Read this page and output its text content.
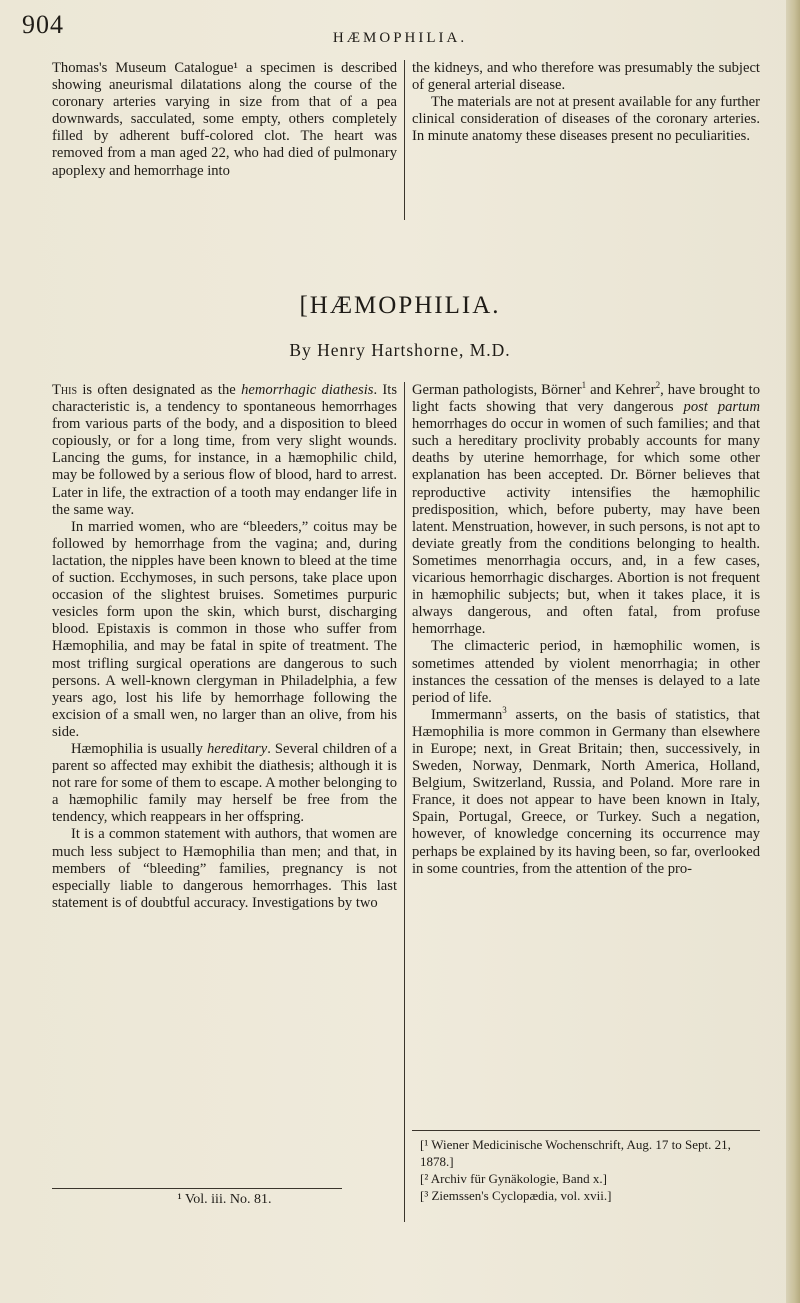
904	HÆMOPHILIA.

Thomas's Museum Catalogue¹ a specimen is described showing aneurismal dilatations along the course of the coronary arteries varying in size from that of a pea downwards, sacculated, some empty, others completely filled by adherent buff-colored clot. The heart was removed from a man aged 22, who had died of pulmonary apoplexy and hemorrhage into

the kidneys, and who therefore was presumably the subject of general arterial disease.

The materials are not at present available for any further clinical consideration of diseases of the coronary arteries. In minute anatomy these diseases present no peculiarities.

[HÆMOPHILIA.
By Henry Hartshorne, M.D.

This is often designated as the hemorrhagic diathesis. Its characteristic is, a tendency to spontaneous hemorrhages from various parts of the body, and a disposition to bleed copiously, or for a long time, from very slight wounds. Lancing the gums, for instance, in a hæmophilic child, may be followed by a serious flow of blood, hard to arrest. Later in life, the extraction of a tooth may endanger life in the same way.

In married women, who are “bleeders,” coitus may be followed by hemorrhage from the vagina; and, during lactation, the nipples have been known to bleed at the time of suction. Ecchymoses, in such persons, take place upon occasion of the slightest bruises. Sometimes purpuric vesicles form upon the skin, which burst, discharging blood. Epistaxis is common in those who suffer from Hæmophilia, and may be fatal in spite of treatment. The most trifling surgical operations are dangerous to such persons. A well-known clergyman in Philadelphia, a few years ago, lost his life by hemorrhage following the excision of a small wen, no larger than an olive, from his side.

Hæmophilia is usually hereditary. Several children of a parent so affected may exhibit the diathesis; although it is not rare for some of them to escape. A mother belonging to a hæmophilic family may herself be free from the tendency, which reappears in her offspring.

It is a common statement with authors, that women are much less subject to Hæmophilia than men; and that, in members of “bleeding” families, pregnancy is not especially liable to dangerous hemorrhages. This last statement is of doubtful accuracy. Investigations by two

German pathologists, Börner$^1$ and Kehrer$^2$, have brought to light facts showing that very dangerous post partum hemorrhages do occur in women of such families; and that such a hereditary proclivity probably accounts for many deaths by uterine hemorrhage, for which some other explanation has been accepted. Dr. Börner believes that reproductive activity intensifies the hæmophilic predisposition, which, before puberty, may have been latent. Menstruation, however, in such persons, is not apt to deviate greatly from the conditions belonging to health. Sometimes menorrhagia occurs, and, in a few cases, vicarious hemorrhagic discharges. Abortion is not frequent in hæmophilic subjects; but, when it takes place, it is always dangerous, and often fatal, from profuse hemorrhage.

The climacteric period, in hæmophilic women, is sometimes attended by violent menorrhagia; in other instances the cessation of the menses is delayed to a late period of life.

Immermann$^3$ asserts, on the basis of statistics, that Hæmophilia is more common in Germany than elsewhere in Europe; next, in Great Britain; then, successively, in Sweden, Norway, Denmark, North America, Holland, Belgium, Switzerland, Russia, and Poland. More rare in France, it does not appear to have been known in Italy, Spain, Portugal, Greece, or Turkey. Such a negation, however, of knowledge concerning its occurrence may perhaps be explained by its having been, so far, overlooked in some countries, from the attention of the pro-

¹ Vol. iii. No. 81.
[¹ Wiener Medicinische Wochenschrift, Aug. 17 to Sept. 21, 1878.]
[² Archiv für Gynäkologie, Band x.]
[³ Ziemssen's Cyclopædia, vol. xvii.]
